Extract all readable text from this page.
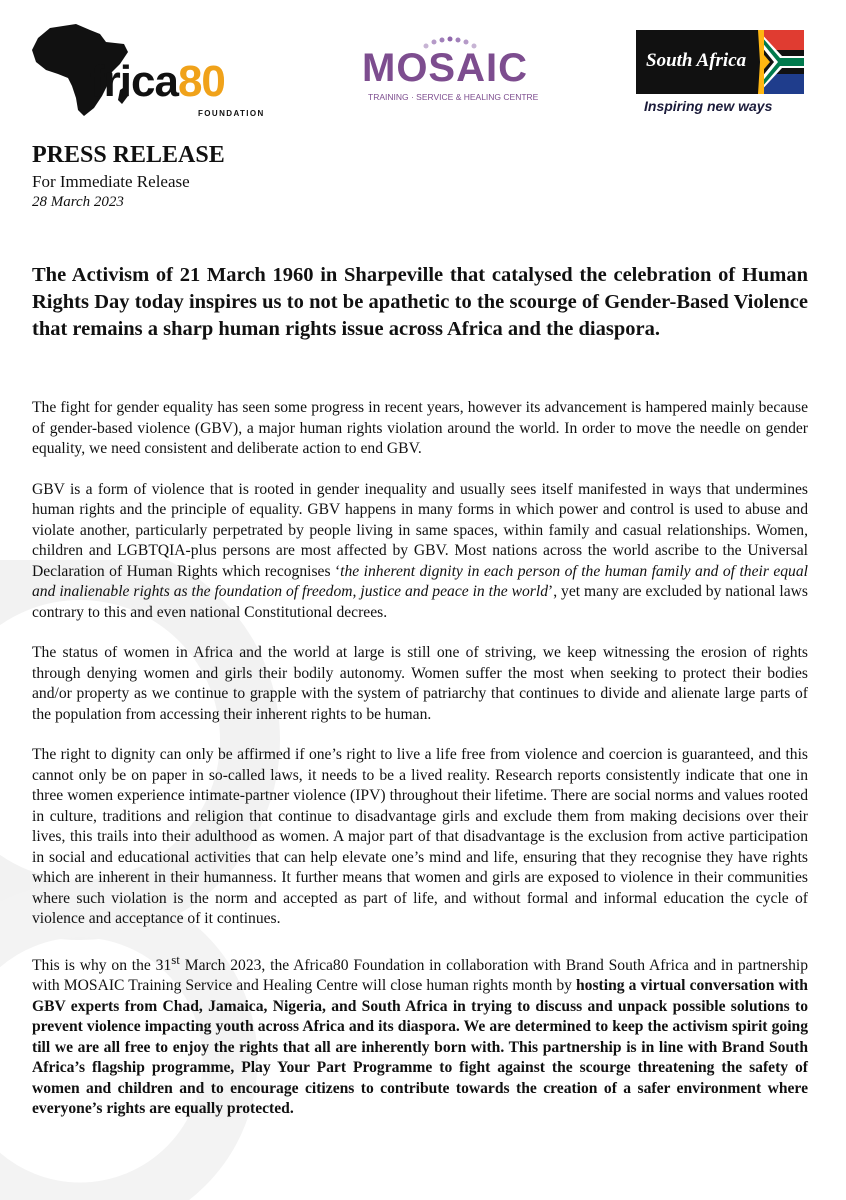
frica80
FOUNDATION
MOSAIC
TRAINING · SERVICE & HEALING CENTRE
South Africa
Inspiring new ways
PRESS RELEASE
For Immediate Release
28 March 2023
The Activism of 21 March 1960 in Sharpeville that catalysed the celebration of Human Rights Day today inspires us to not be apathetic to the scourge of Gender-Based Violence that remains a sharp human rights issue across Africa and the diaspora.

The fight for gender equality has seen some progress in recent years, however its advancement is hampered mainly because of gender-based violence (GBV), a major human rights violation around the world. In order to move the needle on gender equality, we need consistent and deliberate action to end GBV.

GBV is a form of violence that is rooted in gender inequality and usually sees itself manifested in ways that undermines human rights and the principle of equality. GBV happens in many forms in which power and control is used to abuse and violate another, particularly perpetrated by people living in same spaces, within family and casual relationships. Women, children and LGBTQIA-plus persons are most affected by GBV. Most nations across the world ascribe to the Universal Declaration of Human Rights which recognises ‘the inherent dignity in each person of the human family and of their equal and inalienable rights as the foundation of freedom, justice and peace in the world’, yet many are excluded by national laws contrary to this and even national Constitutional decrees.

The status of women in Africa and the world at large is still one of striving, we keep witnessing the erosion of rights through denying women and girls their bodily autonomy. Women suffer the most when seeking to protect their bodies and/or property as we continue to grapple with the system of patriarchy that continues to divide and alienate large parts of the population from accessing their inherent rights to be human.

The right to dignity can only be affirmed if one’s right to live a life free from violence and coercion is guaranteed, and this cannot only be on paper in so-called laws, it needs to be a lived reality. Research reports consistently indicate that one in three women experience intimate-partner violence (IPV) throughout their lifetime. There are social norms and values rooted in culture, traditions and religion that continue to disadvantage girls and exclude them from making decisions over their lives, this trails into their adulthood as women. A major part of that disadvantage is the exclusion from active participation in social and educational activities that can help elevate one’s mind and life, ensuring that they recognise they have rights which are inherent in their humanness. It further means that women and girls are exposed to violence in their communities where such violation is the norm and accepted as part of life, and without formal and informal education the cycle of violence and acceptance of it continues.

This is why on the 31st March 2023, the Africa80 Foundation in collaboration with Brand South Africa and in partnership with MOSAIC Training Service and Healing Centre will close human rights month by hosting a virtual conversation with GBV experts from Chad, Jamaica, Nigeria, and South Africa in trying to discuss and unpack possible solutions to prevent violence impacting youth across Africa and its diaspora. We are determined to keep the activism spirit going till we are all free to enjoy the rights that all are inherently born with. This partnership is in line with Brand South Africa’s flagship programme, Play Your Part Programme to fight against the scourge threatening the safety of women and children and to encourage citizens to contribute towards the creation of a safer environment where everyone’s rights are equally protected.
